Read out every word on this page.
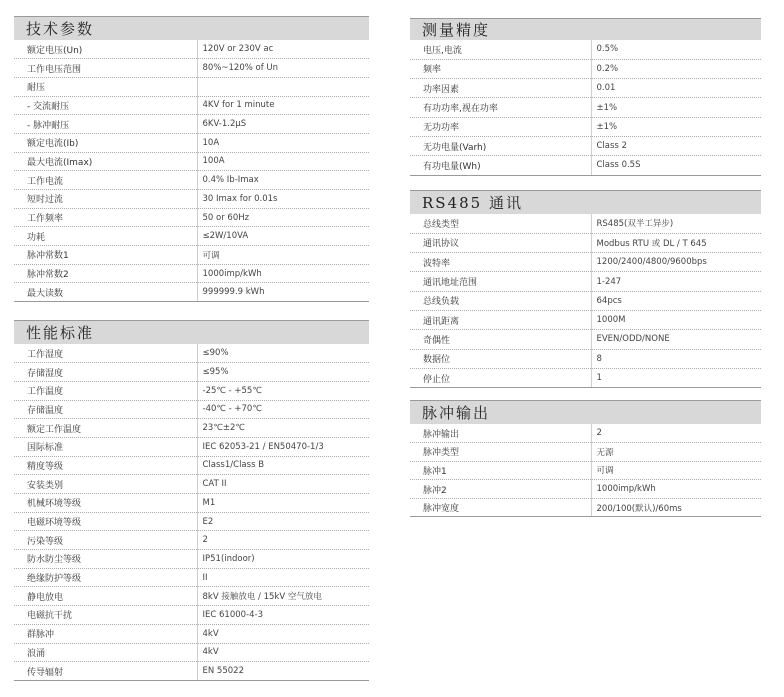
技术参数
额定电压(Un)	120V or 230V ac
工作电压范围	80%~120% of Un
耐压	
- 交流耐压	4KV for 1 minute
- 脉冲耐压	6KV-1.2μS
额定电流(Ib)	10A
最大电流(Imax)	100A
工作电流	0.4% Ib-Imax
短时过流	30 Imax for 0.01s
工作频率	50 or 60Hz
功耗	≤2W/10VA
脉冲常数1	可调
脉冲常数2	1000imp/kWh
最大读数	999999.9 kWh
性能标准
工作湿度	≤90%
存储湿度	≤95%
工作温度	-25℃ - +55℃
存储温度	-40℃ - +70℃
额定工作温度	23℃±2℃
国际标准	IEC 62053-21 / EN50470-1/3
精度等级	Class1/Class B
安装类别	CAT II
机械环境等级	M1
电磁环境等级	E2
污染等级	2
防水防尘等级	IP51(indoor)
绝缘防护等级	II
静电放电	8kV 接触放电 / 15kV 空气放电
电磁抗干扰	IEC 61000-4-3
群脉冲	4kV
浪涌	4kV
传导辐射	EN 55022
测量精度
电压,电流	0.5%
频率	0.2%
功率因素	0.01
有功功率,视在功率	±1%
无功功率	±1%
无功电量(Varh)	Class 2
有功电量(Wh)	Class 0.5S
RS485 通讯
总线类型	RS485(双半工异步)
通讯协议	Modbus RTU 或 DL / T 645
波特率	1200/2400/4800/9600bps
通讯地址范围	1-247
总线负载	64pcs
通讯距离	1000M
奇偶性	EVEN/ODD/NONE
数据位	8
停止位	1
脉冲输出
脉冲输出	2
脉冲类型	无源
脉冲1	可调
脉冲2	1000imp/kWh
脉冲宽度	200/100(默认)/60ms
